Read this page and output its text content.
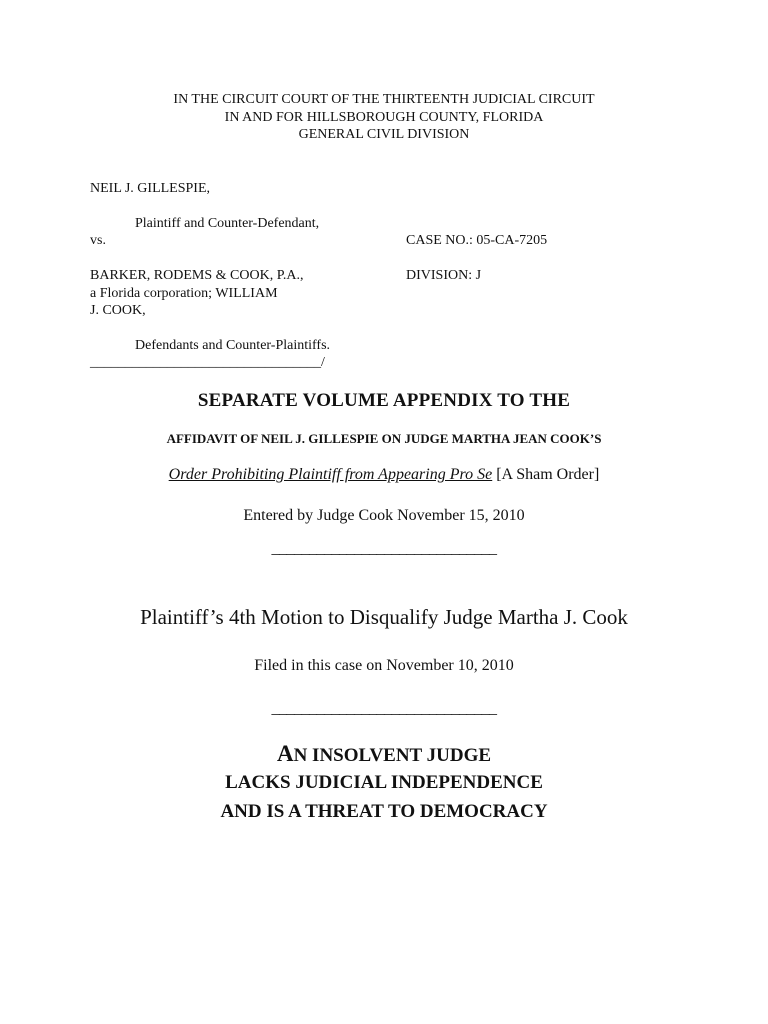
IN THE CIRCUIT COURT OF THE THIRTEENTH JUDICIAL CIRCUIT
IN AND FOR HILLSBOROUGH COUNTY, FLORIDA
GENERAL CIVIL DIVISION
NEIL J. GILLESPIE,
Plaintiff and Counter-Defendant,
vs.	CASE NO.: 05-CA-7205
BARKER, RODEMS & COOK, P.A.,	DIVISION: J
a Florida corporation; WILLIAM
J. COOK,
Defendants and Counter-Plaintiffs.
_________________________________/
SEPARATE VOLUME APPENDIX TO THE
AFFIDAVIT OF NEIL J. GILLESPIE ON JUDGE MARTHA JEAN COOK’S
Order Prohibiting Plaintiff from Appearing Pro Se [A Sham Order]
Entered by Judge Cook November 15, 2010
______________________________
Plaintiff’s 4th Motion to Disqualify Judge Martha J. Cook
Filed in this case on November 10, 2010
______________________________
AN INSOLVENT JUDGE
LACKS JUDICIAL INDEPENDENCE
AND IS A THREAT TO DEMOCRACY
